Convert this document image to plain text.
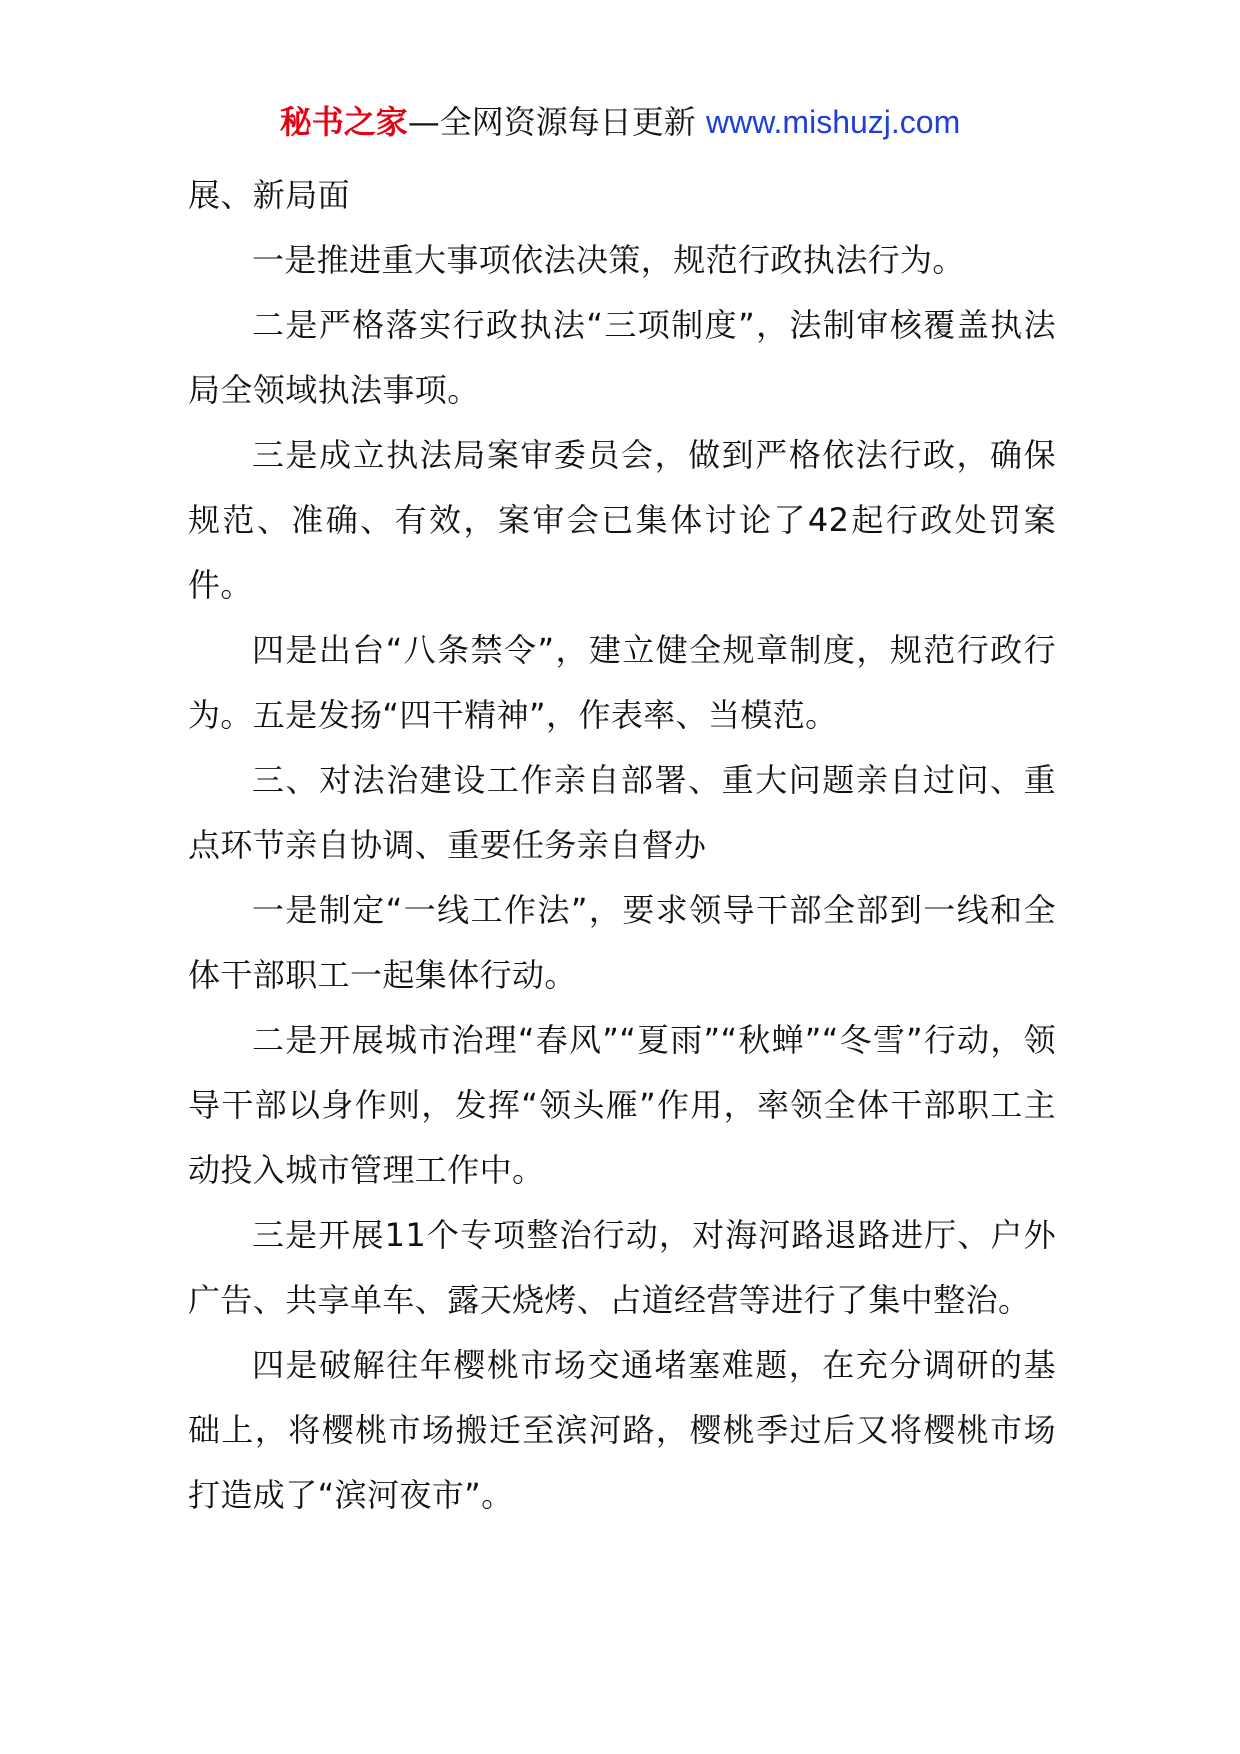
秘书之家—全网资源每日更新 www.mishuzj.com

展、新局面

一是推进重大事项依法决策，规范行政执法行为。

二是严格落实行政执法“三项制度”，法制审核覆盖执法局全领域执法事项。

三是成立执法局案审委员会，做到严格依法行政，确保规范、准确、有效，案审会已集体讨论了42起行政处罚案件。

四是出台“八条禁令”，建立健全规章制度，规范行政行为。五是发扬“四干精神”，作表率、当模范。

三、对法治建设工作亲自部署、重大问题亲自过问、重点环节亲自协调、重要任务亲自督办

一是制定“一线工作法”，要求领导干部全部到一线和全体干部职工一起集体行动。

二是开展城市治理“春风”“夏雨”“秋蝉”“冬雪”行动，领导干部以身作则，发挥“领头雁”作用，率领全体干部职工主动投入城市管理工作中。

三是开展11个专项整治行动，对海河路退路进厅、户外广告、共享单车、露天烧烤、占道经营等进行了集中整治。

四是破解往年樱桃市场交通堵塞难题，在充分调研的基础上，将樱桃市场搬迁至滨河路，樱桃季过后又将樱桃市场打造成了“滨河夜市”。
